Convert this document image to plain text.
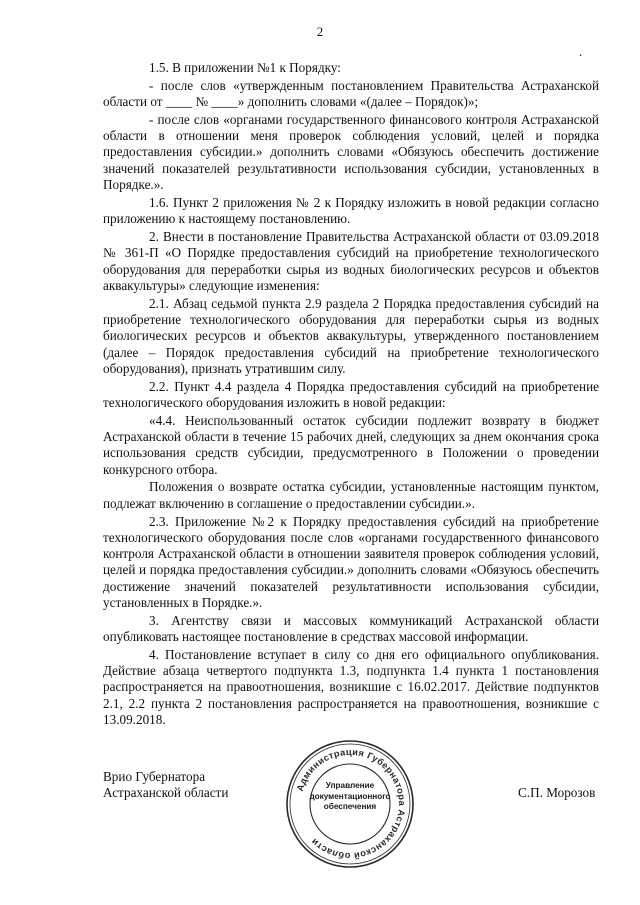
2
.

1.5. В приложении №1 к Порядку:

- после слов «утвержденным постановлением Правительства Астраханской области от ____ № ____» дополнить словами «(далее – Порядок)»;

- после слов «органами государственного финансового контроля Астраханской области в отношении меня проверок соблюдения условий, целей и порядка предоставления субсидии.» дополнить словами «Обязуюсь обеспечить достижение значений показателей результативности использования субсидии, установленных в Порядке.».

1.6. Пункт 2 приложения № 2 к Порядку изложить в новой редакции согласно приложению к настоящему постановлению.

2. Внести в постановление Правительства Астраханской области от 03.09.2018 № 361-П «О Порядке предоставления субсидий на приобретение технологического оборудования для переработки сырья из водных биологических ресурсов и объектов аквакультуры» следующие изменения:

2.1. Абзац седьмой пункта 2.9 раздела 2 Порядка предоставления субсидий на приобретение технологического оборудования для переработки сырья из водных биологических ресурсов и объектов аквакультуры, утвержденного постановлением (далее – Порядок предоставления субсидий на приобретение технологического оборудования), признать утратившим силу.

2.2. Пункт 4.4 раздела 4 Порядка предоставления субсидий на приобретение технологического оборудования изложить в новой редакции:

«4.4. Неиспользованный остаток субсидии подлежит возврату в бюджет Астраханской области в течение 15 рабочих дней, следующих за днем окончания срока использования средств субсидии, предусмотренного в Положении о проведении конкурсного отбора.

Положения о возврате остатка субсидии, установленные настоящим пунктом, подлежат включению в соглашение о предоставлении субсидии.».

2.3. Приложение №2 к Порядку предоставления субсидий на приобретение технологического оборудования после слов «органами государственного финансового контроля Астраханской области в отношении заявителя проверок соблюдения условий, целей и порядка предоставления субсидии.» дополнить словами «Обязуюсь обеспечить достижение значений показателей результативности использования субсидии, установленных в Порядке.».

3. Агентству связи и массовых коммуникаций Астраханской области опубликовать настоящее постановление в средствах массовой информации.

4. Постановление вступает в силу со дня его официального опубликования. Действие абзаца четвертого подпункта 1.3, подпункта 1.4 пункта 1 постановления распространяется на правоотношения, возникшие с 16.02.2017. Действие подпунктов 2.1, 2.2 пункта 2 постановления распространяется на правоотношения, возникшие с 13.09.2018.

Врио Губернатора
Астраханской области	Администрация Губернатора Астраханской области
Управление
документационного
обеспечения
С.П. Морозов
